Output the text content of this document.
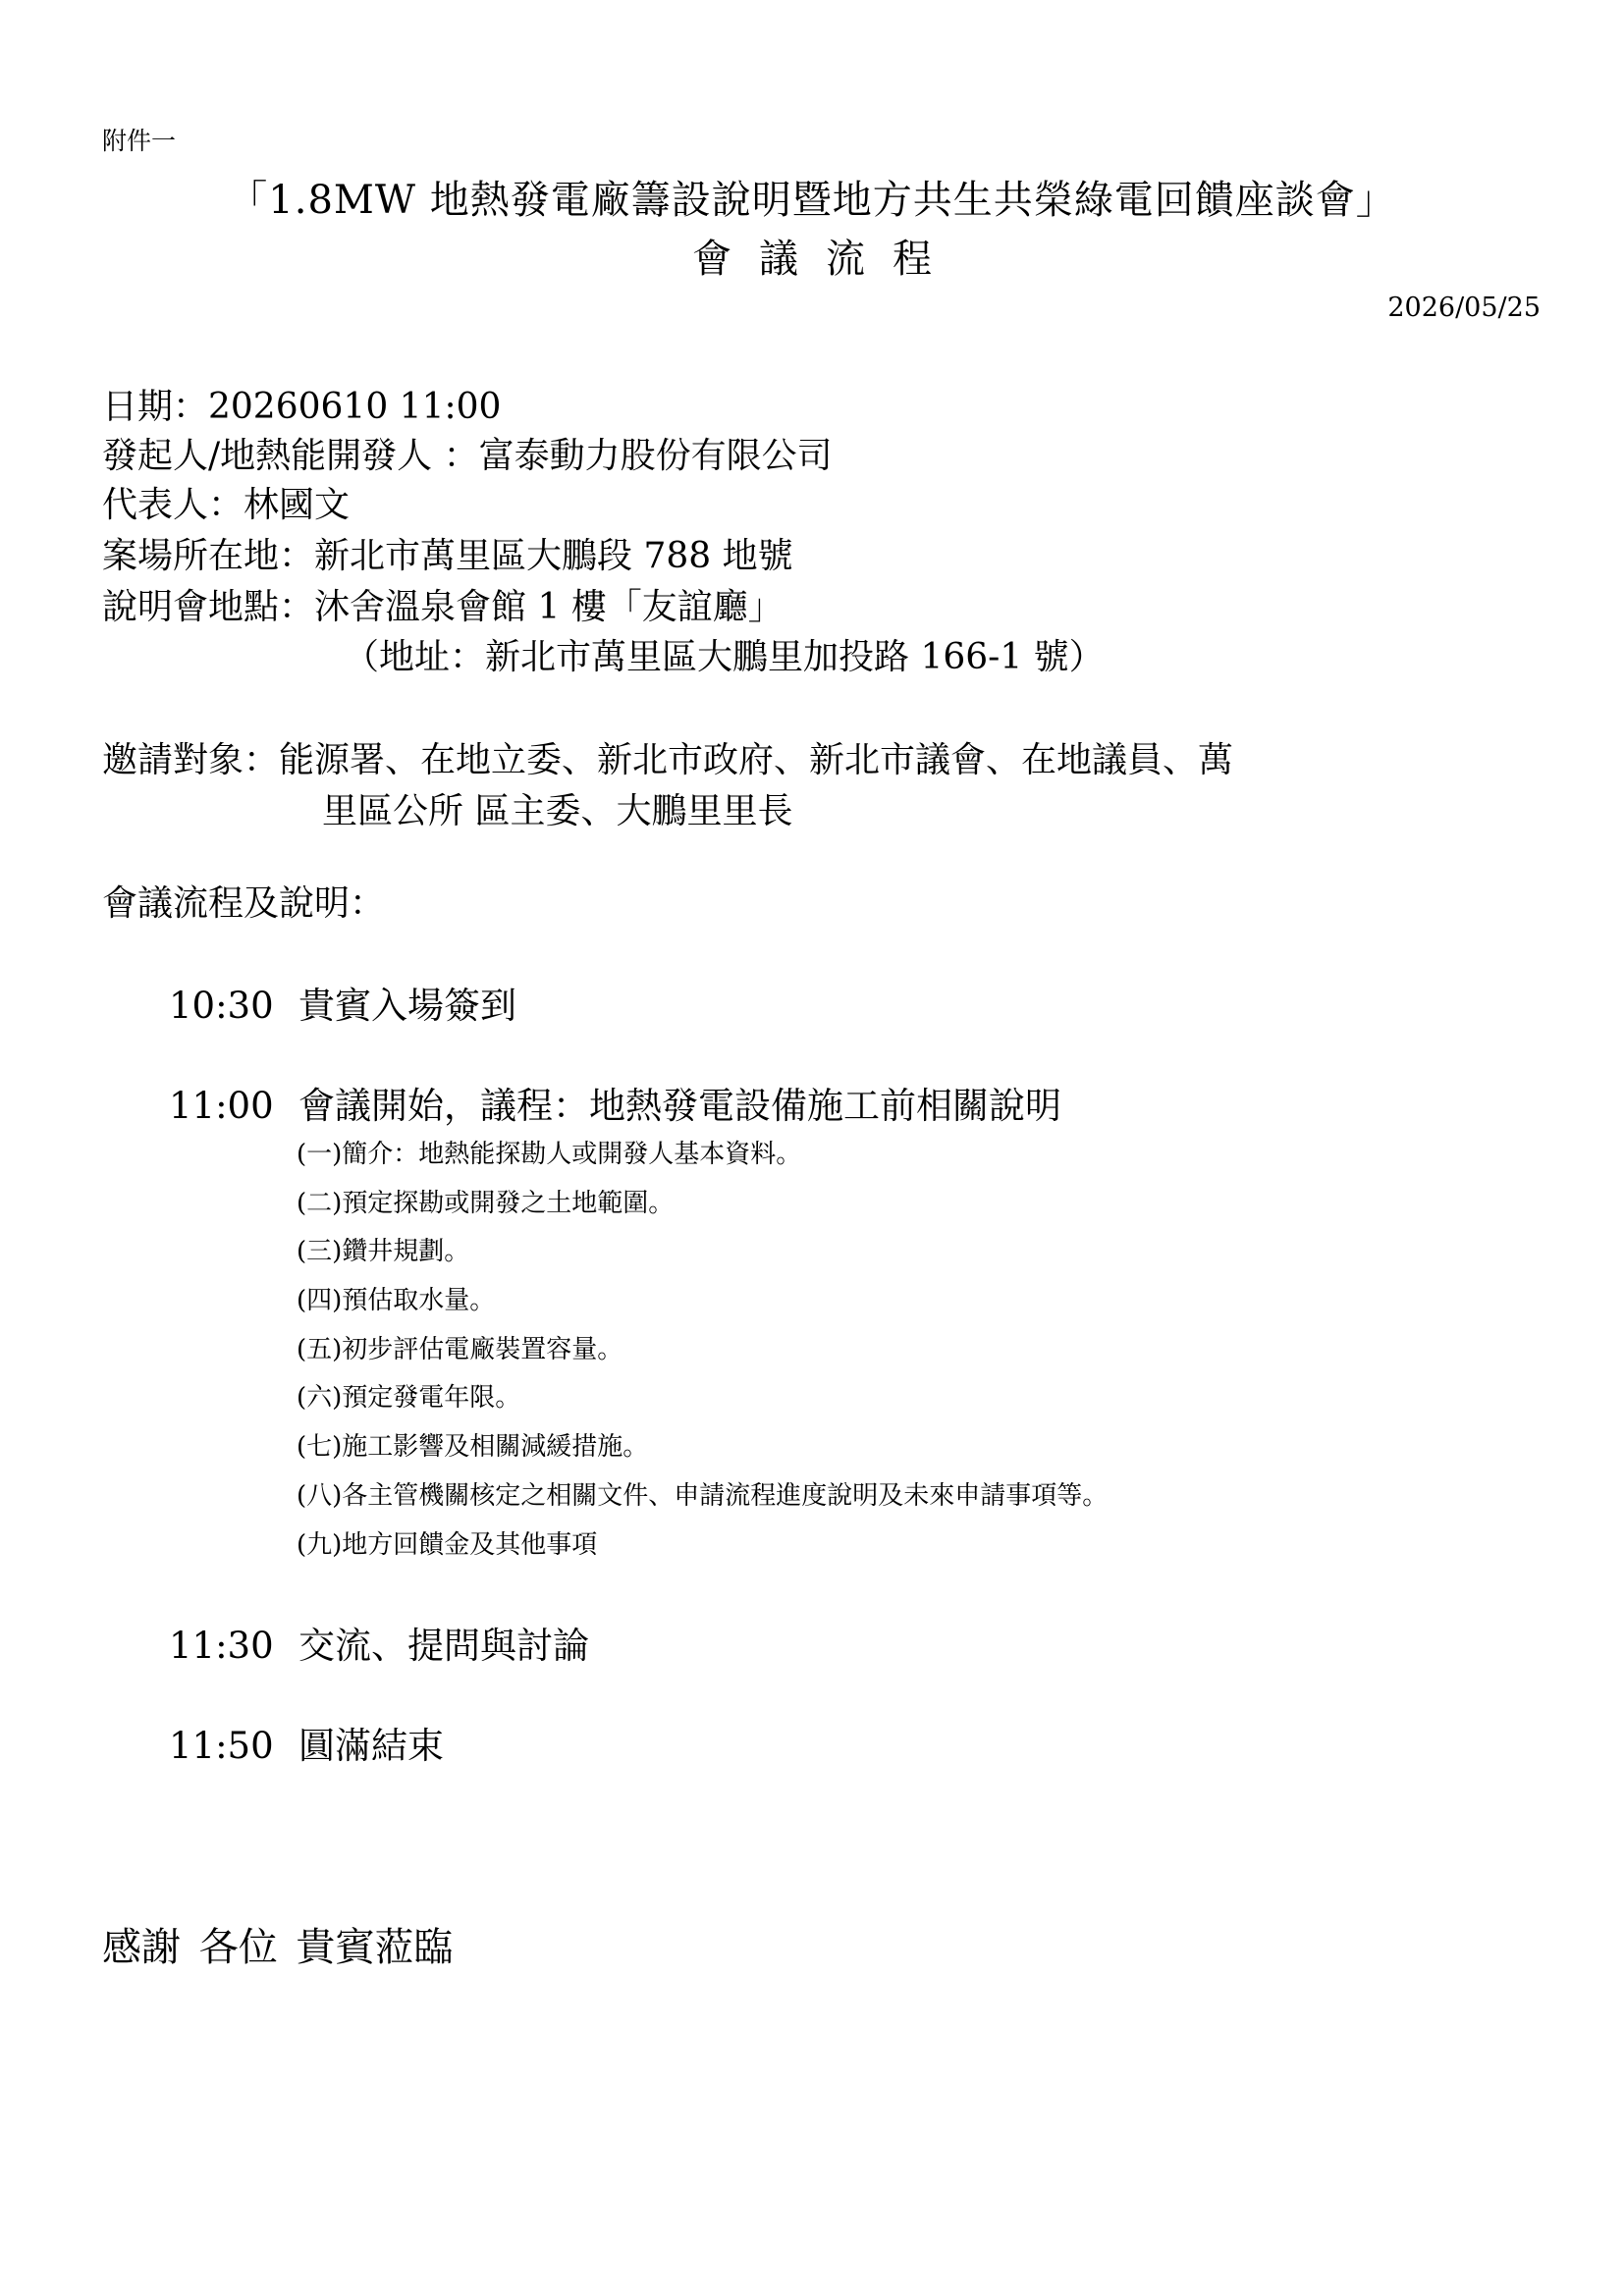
附件一
「1.8MW 地熱發電廠籌設說明暨地方共生共榮綠電回饋座談會」
會議流程
2026/05/25
日期：20260610 11:00
發起人/地熱能開發人 ：富泰動力股份有限公司
代表人：林國文
案場所在地：新北市萬里區大鵬段 788 地號
說明會地點：沐舍溫泉會館 1 樓「友誼廳」
（地址：新北市萬里區大鵬里加投路 166-1 號）
邀請對象：能源署、在地立委、新北市政府、新北市議會、在地議員、萬
里區公所 區主委、大鵬里里長
會議流程及說明：
10:30 貴賓入場簽到
11:00 會議開始，議程：地熱發電設備施工前相關說明
(一)簡介：地熱能探勘人或開發人基本資料。
(二)預定探勘或開發之土地範圍。
(三)鑽井規劃。
(四)預估取水量。
(五)初步評估電廠裝置容量。
(六)預定發電年限。
(七)施工影響及相關減緩措施。
(八)各主管機關核定之相關文件、申請流程進度說明及未來申請事項等。
(九)地方回饋金及其他事項
11:30 交流、提問與討論
11:50 圓滿結束
感謝 各位 貴賓蒞臨
